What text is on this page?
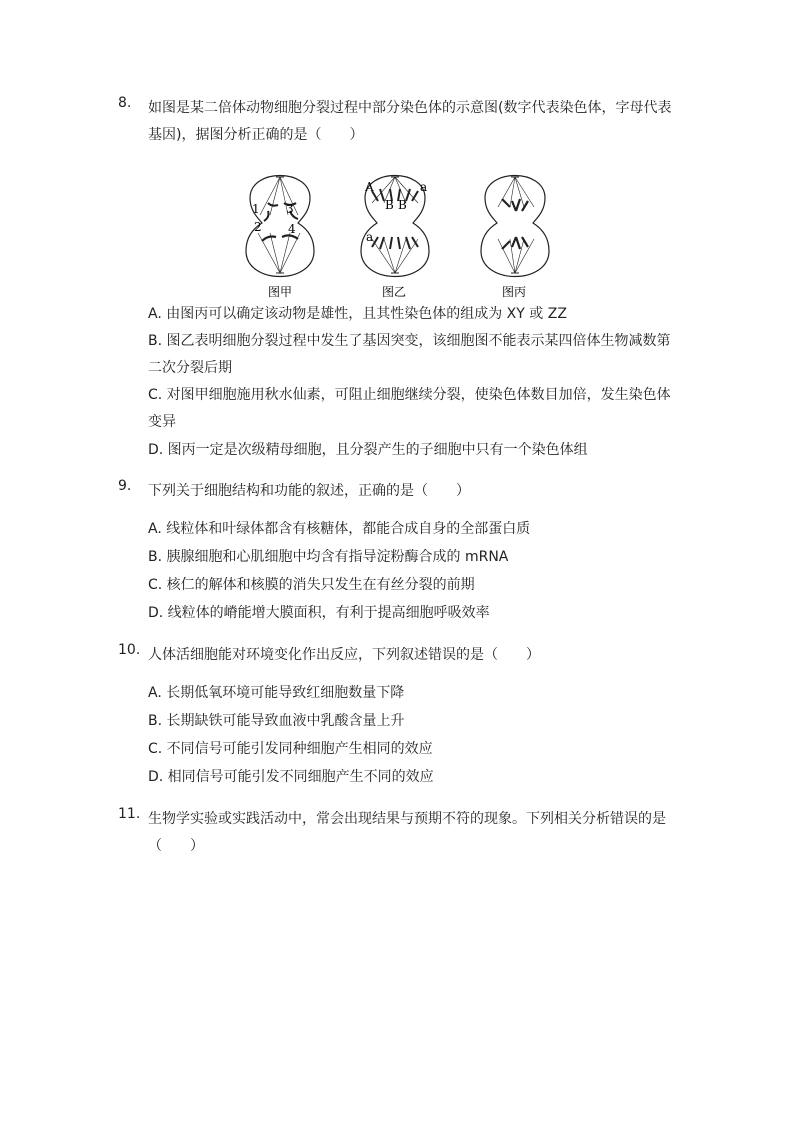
8.	如图是某二倍体动物细胞分裂过程中部分染色体的示意图(数字代表染色体，字母代表基因)，据图分析正确的是（　　）
1
2
3
4
A	a
B B
a
图甲	图乙	图丙
A. 由图丙可以确定该动物是雄性，且其性染色体的组成为 XY 或 ZZ
B. 图乙表明细胞分裂过程中发生了基因突变，该细胞图不能表示某四倍体生物减数第二次分裂后期
C. 对图甲细胞施用秋水仙素，可阻止细胞继续分裂，使染色体数目加倍，发生染色体变异
D. 图丙一定是次级精母细胞，且分裂产生的子细胞中只有一个染色体组
9.	下列关于细胞结构和功能的叙述，正确的是（　　）
A. 线粒体和叶绿体都含有核糖体，都能合成自身的全部蛋白质
B. 胰腺细胞和心肌细胞中均含有指导淀粉酶合成的 mRNA
C. 核仁的解体和核膜的消失只发生在有丝分裂的前期
D. 线粒体的嵴能增大膜面积，有利于提高细胞呼吸效率
10. 人体活细胞能对环境变化作出反应，下列叙述错误的是（　　）
A. 长期低氧环境可能导致红细胞数量下降
B. 长期缺铁可能导致血液中乳酸含量上升
C. 不同信号可能引发同种细胞产生相同的效应
D. 相同信号可能引发不同细胞产生不同的效应
11. 生物学实验或实践活动中，常会出现结果与预期不符的现象。下列相关分析错误的是（　　）
